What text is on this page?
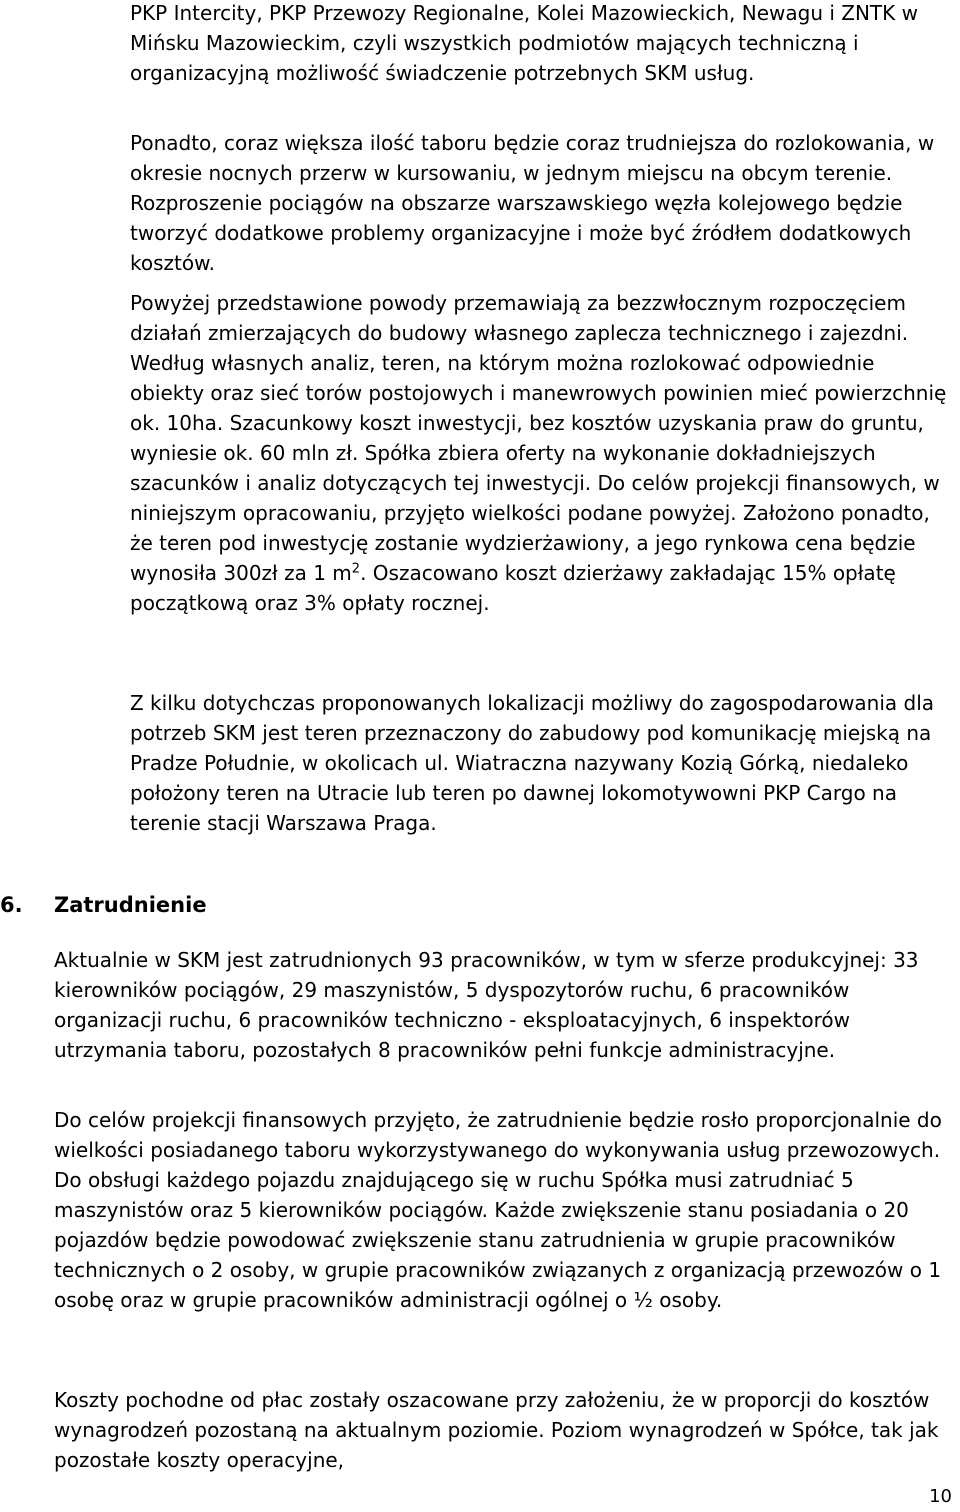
PKP Intercity, PKP Przewozy Regionalne, Kolei Mazowieckich, Newagu i ZNTK w Mińsku Mazowieckim, czyli wszystkich podmiotów mających techniczną i organizacyjną możliwość świadczenie potrzebnych SKM usług.

Ponadto, coraz większa ilość taboru będzie coraz trudniejsza do rozlokowania, w okresie nocnych przerw w kursowaniu, w jednym miejscu na obcym terenie. Rozproszenie pociągów na obszarze warszawskiego węzła kolejowego będzie tworzyć dodatkowe problemy organizacyjne i może być źródłem dodatkowych kosztów.

Powyżej przedstawione powody przemawiają za bezzwłocznym rozpoczęciem działań zmierzających do budowy własnego zaplecza technicznego i zajezdni. Według własnych analiz, teren, na którym można rozlokować odpowiednie obiekty oraz sieć torów postojowych i manewrowych powinien mieć powierzchnię ok. 10ha. Szacunkowy koszt inwestycji, bez kosztów uzyskania praw do gruntu, wyniesie ok. 60 mln zł. Spółka zbiera oferty na wykonanie dokładniejszych szacunków i analiz dotyczących tej inwestycji. Do celów projekcji finansowych, w niniejszym opracowaniu, przyjęto wielkości podane powyżej. Założono ponadto, że teren pod inwestycję zostanie wydzierżawiony, a jego rynkowa cena będzie wynosiła 300zł za 1 $m^2$. Oszacowano koszt dzierżawy zakładając 15% opłatę początkową oraz 3% opłaty rocznej.

Z kilku dotychczas proponowanych lokalizacji możliwy do zagospodarowania dla potrzeb SKM jest teren przeznaczony do zabudowy pod komunikację miejską na Pradze Południe, w okolicach ul. Wiatraczna nazywany Kozią Górką, niedaleko położony teren na Utracie lub teren po dawnej lokomotywowni PKP Cargo na terenie stacji Warszawa Praga.

6. Zatrudnienie

Aktualnie w SKM jest zatrudnionych 93 pracowników, w tym w sferze produkcyjnej: 33 kierowników pociągów, 29 maszynistów, 5 dyspozytorów ruchu, 6 pracowników organizacji ruchu, 6 pracowników techniczno - eksploatacyjnych, 6 inspektorów utrzymania taboru, pozostałych 8 pracowników pełni funkcje administracyjne.

Do celów projekcji finansowych przyjęto, że zatrudnienie będzie rosło proporcjonalnie do wielkości posiadanego taboru wykorzystywanego do wykonywania usług przewozowych. Do obsługi każdego pojazdu znajdującego się w ruchu Spółka musi zatrudniać 5 maszynistów oraz 5 kierowników pociągów. Każde zwiększenie stanu posiadania o 20 pojazdów będzie powodować zwiększenie stanu zatrudnienia w grupie pracowników technicznych o 2 osoby, w grupie pracowników związanych z organizacją przewozów o 1 osobę oraz w grupie pracowników administracji ogólnej o ½ osoby.

Koszty pochodne od płac zostały oszacowane przy założeniu, że w proporcji do kosztów wynagrodzeń pozostaną na aktualnym poziomie. Poziom wynagrodzeń w Spółce, tak jak pozostałe koszty operacyjne,

10
